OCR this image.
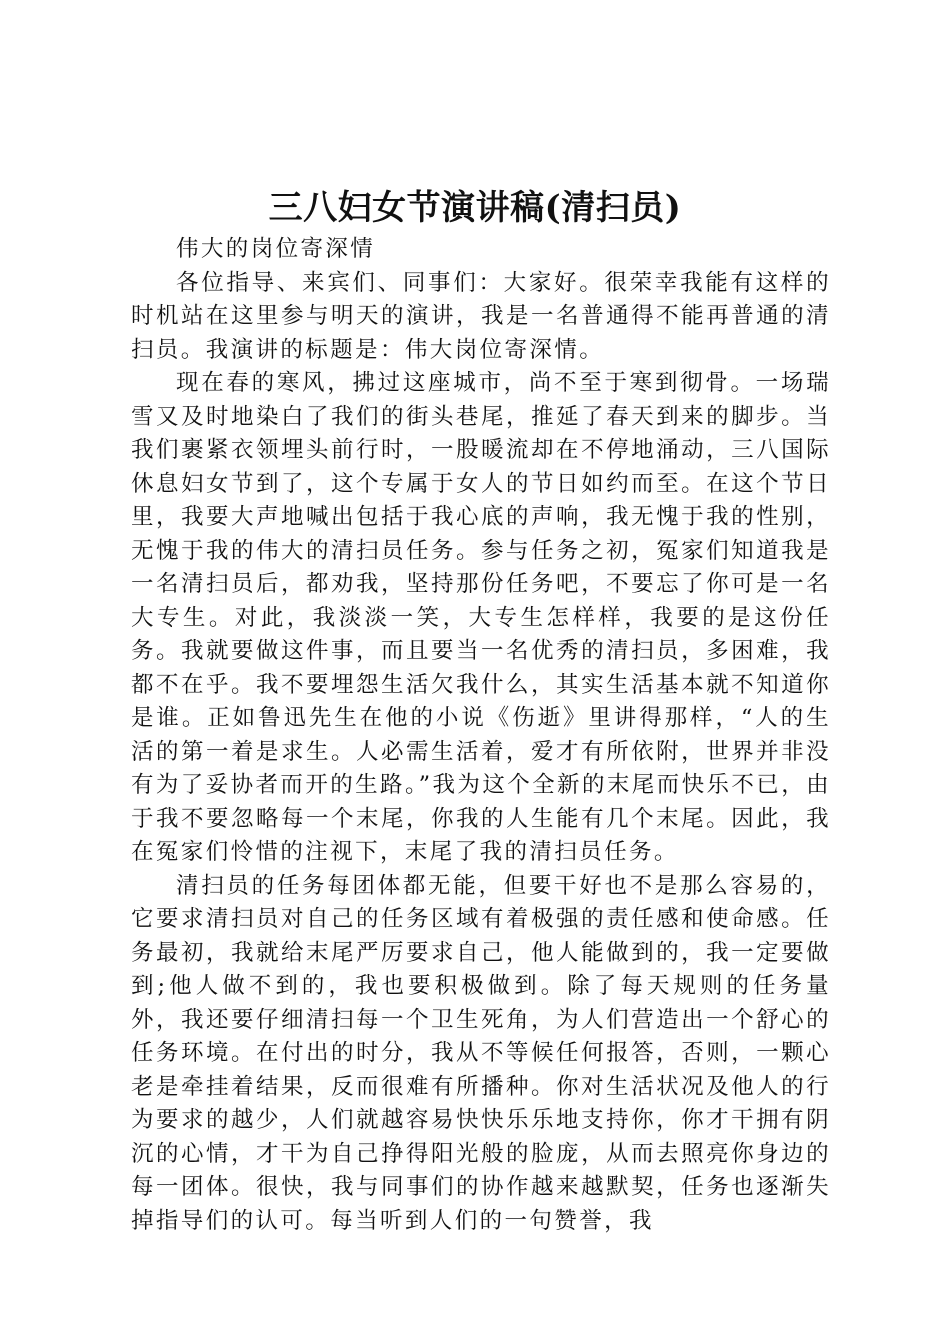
三八妇女节演讲稿(清扫员)

伟大的岗位寄深情

各位指导、来宾们、同事们：大家好。很荣幸我能有这样的时机站在这里参与明天的演讲，我是一名普通得不能再普通的清扫员。我演讲的标题是：伟大岗位寄深情。

现在春的寒风，拂过这座城市，尚不至于寒到彻骨。一场瑞雪又及时地染白了我们的街头巷尾，推延了春天到来的脚步。当我们裹紧衣领埋头前行时，一股暖流却在不停地涌动，三八国际休息妇女节到了，这个专属于女人的节日如约而至。在这个节日里，我要大声地喊出包括于我心底的声响，我无愧于我的性别，无愧于我的伟大的清扫员任务。参与任务之初，冤家们知道我是一名清扫员后，都劝我，坚持那份任务吧，不要忘了你可是一名大专生。对此，我淡淡一笑，大专生怎样样，我要的是这份任务。我就要做这件事，而且要当一名优秀的清扫员，多困难，我都不在乎。我不要埋怨生活欠我什么，其实生活基本就不知道你是谁。正如鲁迅先生在他的小说《伤逝》里讲得那样，“人的生活的第一着是求生。人必需生活着，爱才有所依附，世界并非没有为了妥协者而开的生路。”我为这个全新的末尾而快乐不已，由于我不要忽略每一个末尾，你我的人生能有几个末尾。因此，我在冤家们怜惜的注视下，末尾了我的清扫员任务。

清扫员的任务每团体都无能，但要干好也不是那么容易的，它要求清扫员对自己的任务区域有着极强的责任感和使命感。任务最初，我就给末尾严厉要求自己，他人能做到的，我一定要做到;他人做不到的，我也要积极做到。除了每天规则的任务量外，我还要仔细清扫每一个卫生死角，为人们营造出一个舒心的任务环境。在付出的时分，我从不等候任何报答，否则，一颗心老是牵挂着结果，反而很难有所播种。你对生活状况及他人的行为要求的越少，人们就越容易快快乐乐地支持你，你才干拥有阴沉的心情，才干为自己挣得阳光般的脸庞，从而去照亮你身边的每一团体。很快，我与同事们的协作越来越默契，任务也逐渐失掉指导们的认可。每当听到人们的一句赞誉，我
